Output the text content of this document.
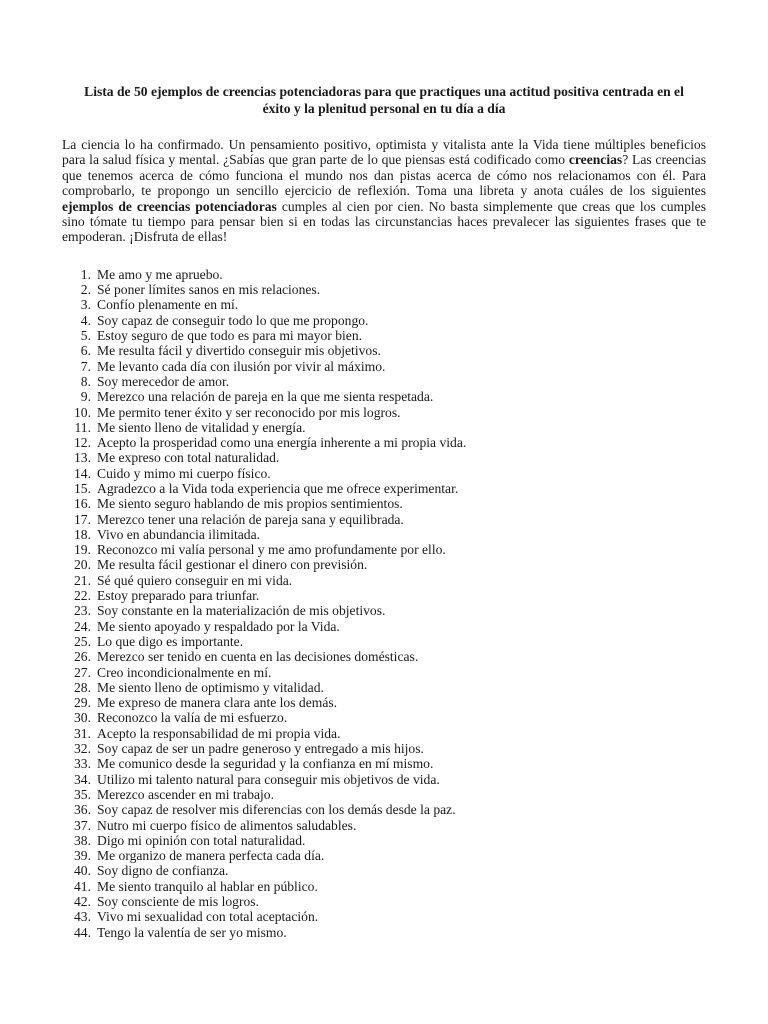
Lista de 50 ejemplos de creencias potenciadoras para que practiques una actitud positiva centrada en el
éxito y la plenitud personal en tu día a día

La ciencia lo ha confirmado. Un pensamiento positivo, optimista y vitalista ante la Vida tiene múltiples beneficios para la salud física y mental. ¿Sabías que gran parte de lo que piensas está codificado como creencias? Las creencias que tenemos acerca de cómo funciona el mundo nos dan pistas acerca de cómo nos relacionamos con él. Para comprobarlo, te propongo un sencillo ejercicio de reflexión. Toma una libreta y anota cuáles de los siguientes ejemplos de creencias potenciadoras cumples al cien por cien. No basta simplemente que creas que los cumples sino tómate tu tiempo para pensar bien si en todas las circunstancias haces prevalecer las siguientes frases que te empoderan. ¡Disfruta de ellas!

1. Me amo y me apruebo.
2. Sé poner límites sanos en mis relaciones.
3. Confío plenamente en mí.
4. Soy capaz de conseguir todo lo que me propongo.
5. Estoy seguro de que todo es para mi mayor bien.
6. Me resulta fácil y divertido conseguir mis objetivos.
7. Me levanto cada día con ilusión por vivir al máximo.
8. Soy merecedor de amor.
9. Merezco una relación de pareja en la que me sienta respetada.
10. Me permito tener éxito y ser reconocido por mis logros.
11. Me siento lleno de vitalidad y energía.
12. Acepto la prosperidad como una energía inherente a mi propia vida.
13. Me expreso con total naturalidad.
14. Cuido y mimo mi cuerpo físico.
15. Agradezco a la Vida toda experiencia que me ofrece experimentar.
16. Me siento seguro hablando de mis propios sentimientos.
17. Merezco tener una relación de pareja sana y equilibrada.
18. Vivo en abundancia ilimitada.
19. Reconozco mi valía personal y me amo profundamente por ello.
20. Me resulta fácil gestionar el dinero con previsión.
21. Sé qué quiero conseguir en mi vida.
22. Estoy preparado para triunfar.
23. Soy constante en la materialización de mis objetivos.
24. Me siento apoyado y respaldado por la Vida.
25. Lo que digo es importante.
26. Merezco ser tenido en cuenta en las decisiones domésticas.
27. Creo incondicionalmente en mí.
28. Me siento lleno de optimismo y vitalidad.
29. Me expreso de manera clara ante los demás.
30. Reconozco la valía de mi esfuerzo.
31. Acepto la responsabilidad de mi propia vida.
32. Soy capaz de ser un padre generoso y entregado a mis hijos.
33. Me comunico desde la seguridad y la confianza en mí mismo.
34. Utilizo mi talento natural para conseguir mis objetivos de vida.
35. Merezco ascender en mi trabajo.
36. Soy capaz de resolver mis diferencias con los demás desde la paz.
37. Nutro mi cuerpo físico de alimentos saludables.
38. Digo mi opinión con total naturalidad.
39. Me organizo de manera perfecta cada día.
40. Soy digno de confianza.
41. Me siento tranquilo al hablar en público.
42. Soy consciente de mis logros.
43. Vivo mi sexualidad con total aceptación.
44. Tengo la valentía de ser yo mismo.
